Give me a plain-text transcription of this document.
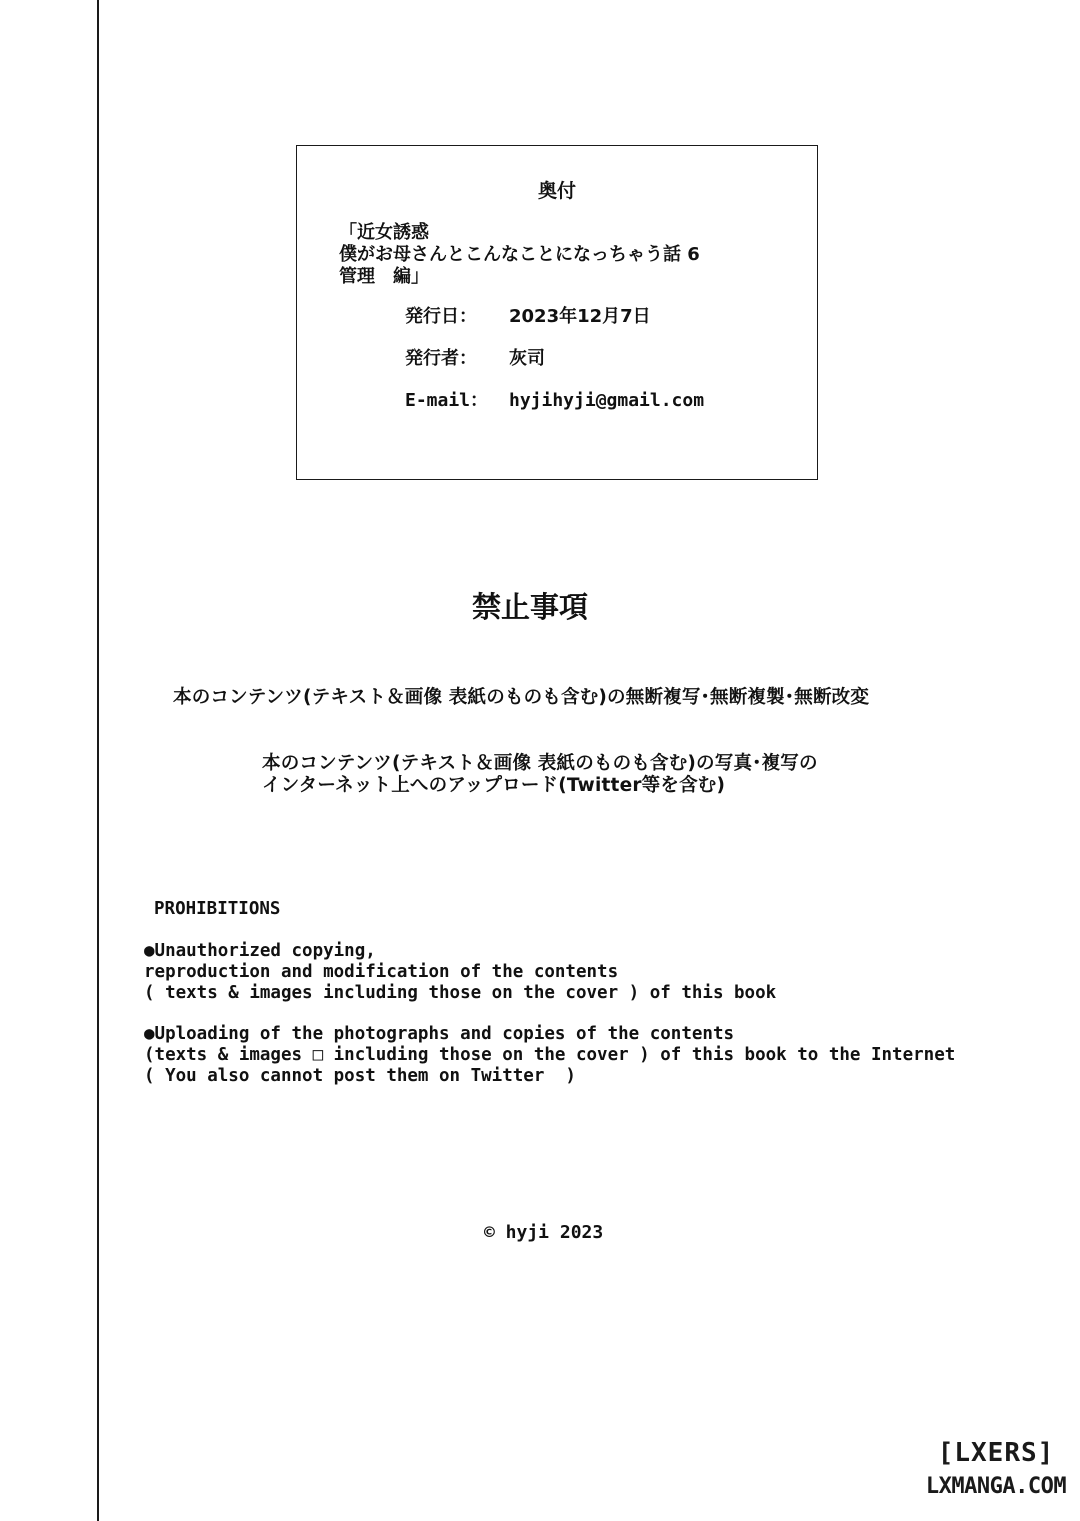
奥付
「近女誘惑
僕がお母さんとこんなことになっちゃう話 6
管理　編」
発行日： 2023年12月7日
発行者： 灰司
E-mail： hyjihyji@gmail.com
禁止事項
本のコンテンツ(テキスト＆画像 表紙のものも含む)の無断複写･無断複製･無断改変
本のコンテンツ(テキスト＆画像 表紙のものも含む)の写真･複写の
インターネット上へのアップロード(Twitter等を含む)
PROHIBITIONS
●Unauthorized copying,
reproduction and modification of the contents
( texts & images including those on the cover ) of this book
●Uploading of the photographs and copies of the contents
(texts & images □ including those on the cover ) of this book to the Internet
( You also cannot post them on Twitter  )
© hyji 2023
[LXERS]
LXMANGA.COM
